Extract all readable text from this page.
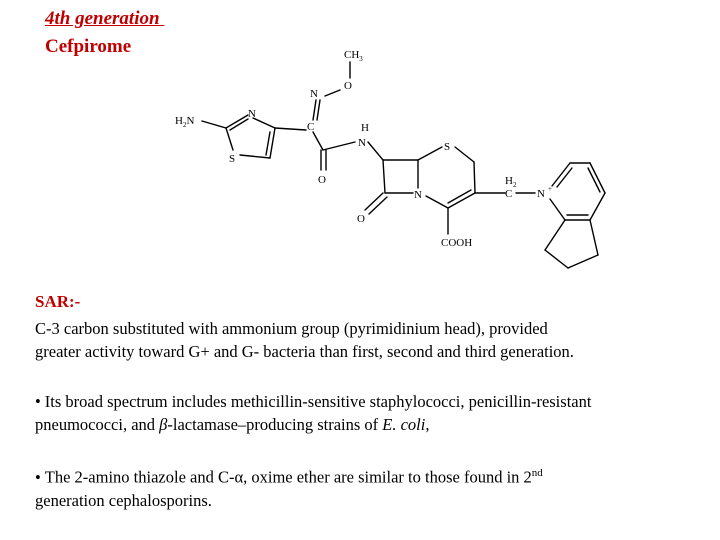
4th generation
Cefpirome	$CH_3$
O
N
C
$H_2N$
N
S
O
H
N	S
N
O
COOH
$H_2$
C N +
SAR:-
C-3 carbon substituted with ammonium group (pyrimidinium head), provided
greater activity toward G+ and G- bacteria than first, second and third generation.
• Its broad spectrum includes methicillin-sensitive staphylococci, penicillin-resistant
pneumococci, and β-lactamase–producing strains of E. coli,
• The 2-amino thiazole and C-α, oxime ether are similar to those found in 2nd
generation cephalosporins.
